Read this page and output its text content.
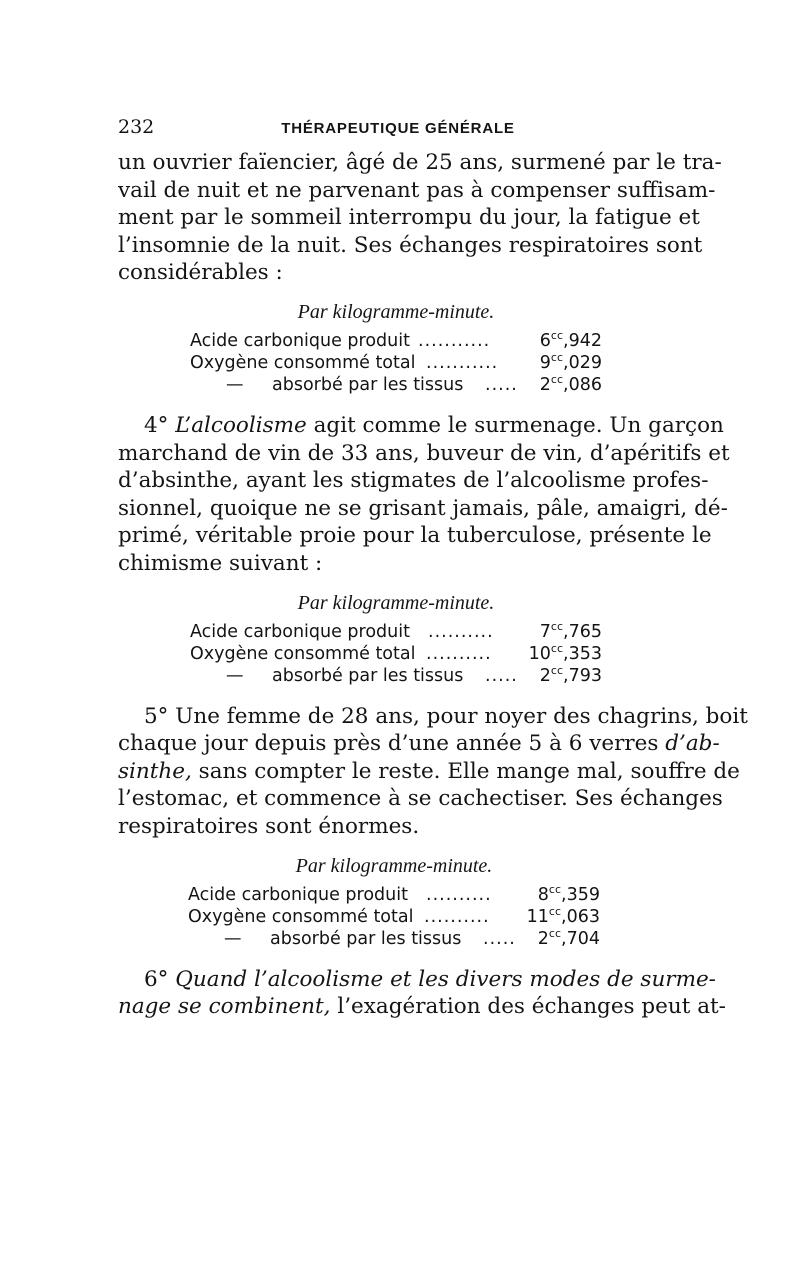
232	THÉRAPEUTIQUE GÉNÉRALE
un ouvrier faïencier, âgé de 25 ans, surmené par le tra-
vail de nuit et ne parvenant pas à compenser suffisam-
ment par le sommeil interrompu du jour, la fatigue et
l’insomnie de la nuit. Ses échanges respiratoires sont
considérables :
Par kilogramme-minute.
Acide carbonique produit ...........	$6^{cc},942$
Oxygène consommé total ........... $9^{cc},029$
— absorbé par les tissus ..... $2^{cc},086$
4° L’alcoolisme agit comme le surmenage. Un garçon
marchand de vin de 33 ans, buveur de vin, d’apéritifs et
d’absinthe, ayant les stigmates de l’alcoolisme profes-
sionnel, quoique ne se grisant jamais, pâle, amaigri, dé-
primé, véritable proie pour la tuberculose, présente le
chimisme suivant :
Par kilogramme-minute.
Acide carbonique produit ..........	$7^{cc},765$
Oxygène consommé total .......... $10^{cc},353$
— absorbé par les tissus ..... $2^{cc},793$
5° Une femme de 28 ans, pour noyer des chagrins, boit
chaque jour depuis près d’une année 5 à 6 verres d’ab-
sinthe, sans compter le reste. Elle mange mal, souffre de
l’estomac, et commence à se cachectiser. Ses échanges
respiratoires sont énormes.
Par kilogramme-minute.
Acide carbonique produit ..........	$8^{cc},359$
Oxygène consommé total .......... $11^{cc},063$
— absorbé par les tissus ..... $2^{cc},704$
6° Quand l’alcoolisme et les divers modes de surme-
nage se combinent, l’exagération des échanges peut at-
